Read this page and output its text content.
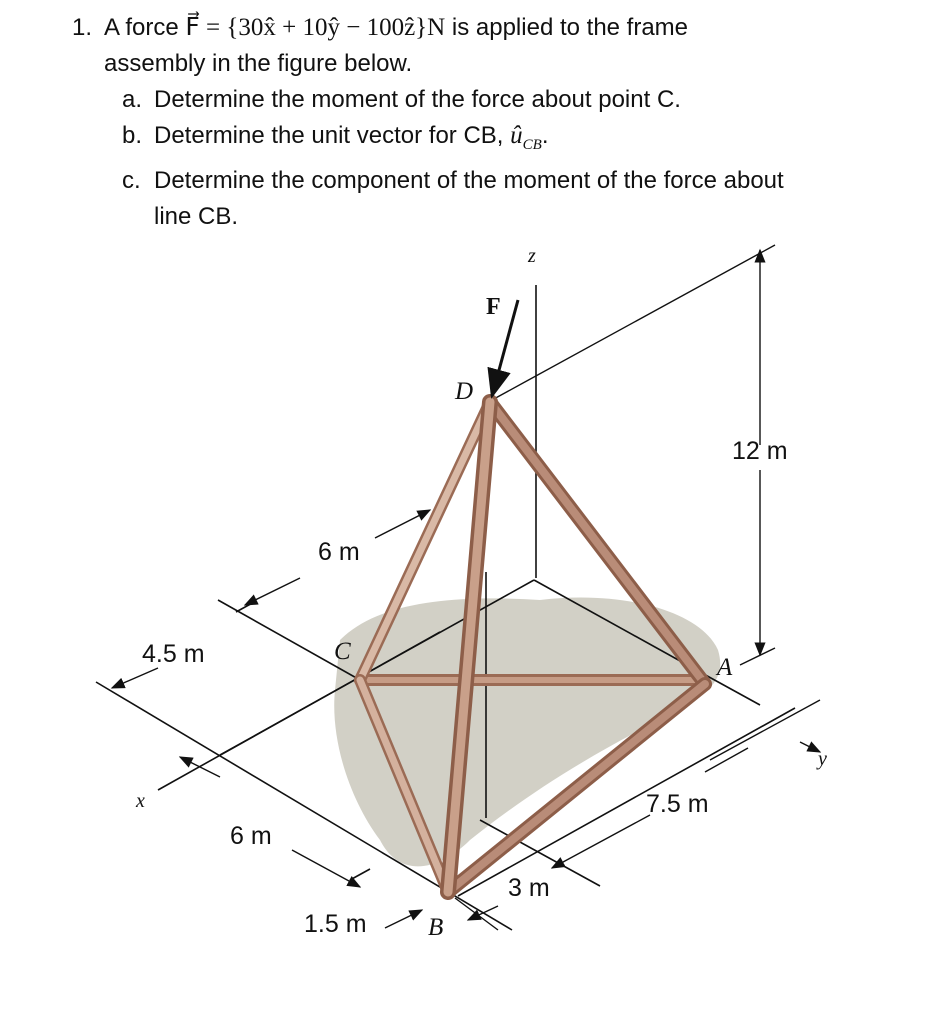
1. A force F⃗ = {30x̂ + 10ŷ − 100ẑ}N is applied to the frame
assembly in the figure below.
a. Determine the moment of the force about point C.
b. Determine the unit vector for CB, $û_{CB}$.
c. Determine the component of the moment of the force about
line CB.
z
F
D
12 m
6 m
4.5 m	C
A
y
x	7.5 m
6 m
3 m
1.5 m B
